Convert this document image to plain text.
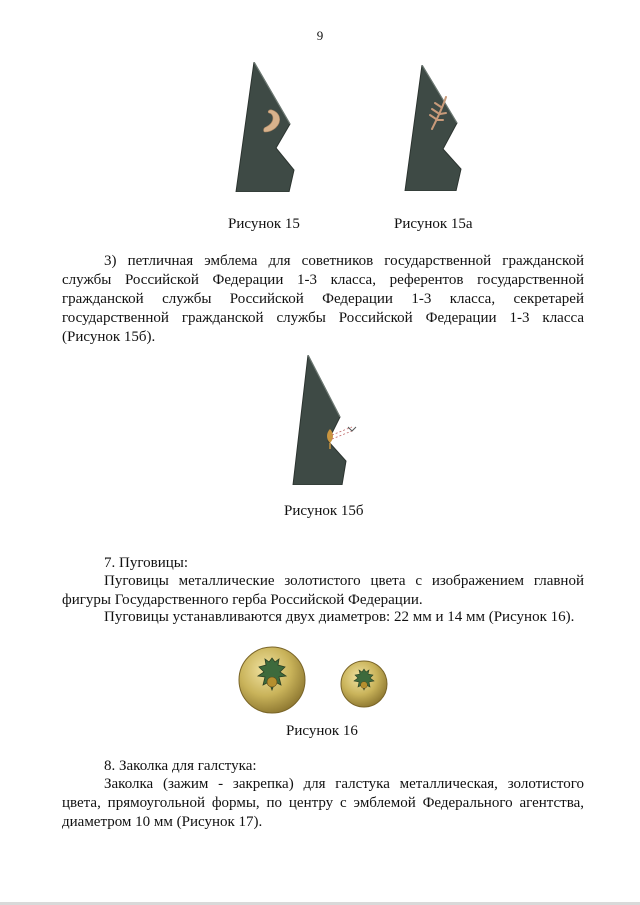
9
Рисунок 15	Рисунок 15а
3) петличная эмблема для советников государственной гражданской службы Российской Федерации 1-3 класса, референтов государственной гражданской службы Российской Федерации 1-3 класса, секретарей государственной гражданской службы Российской Федерации 1-3 класса (Рисунок 15б).
Рисунок 15б
7. Пуговицы:
Пуговицы металлические золотистого цвета с изображением главной фигуры Государственного герба Российской Федерации.
Пуговицы устанавливаются двух диаметров: 22 мм и 14 мм (Рисунок 16).
Рисунок 16
8. Заколка для галстука:
Заколка (зажим - закрепка) для галстука металлическая, золотистого цвета, прямоугольной формы, по центру с эмблемой Федерального агентства, диаметром 10 мм (Рисунок 17).
